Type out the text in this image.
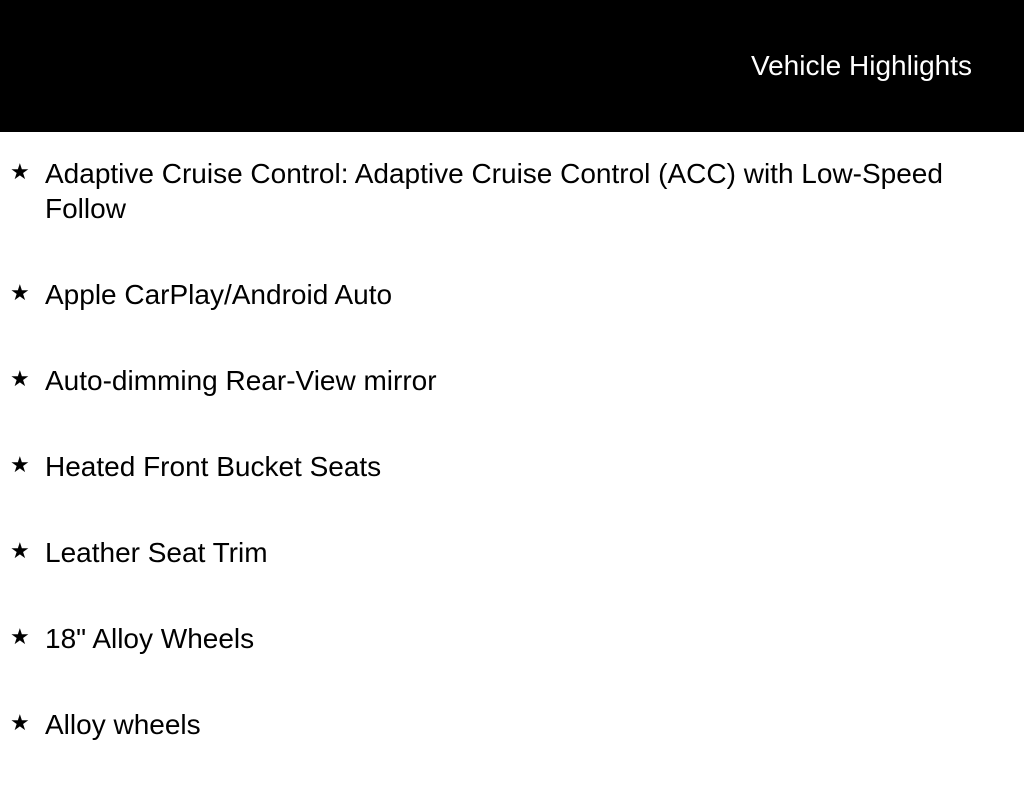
Vehicle Highlights
★ Adaptive Cruise Control: Adaptive Cruise Control (ACC) with Low-Speed Follow
★ Apple CarPlay/Android Auto
★ Auto-dimming Rear-View mirror
★ Heated Front Bucket Seats
★ Leather Seat Trim
★ 18" Alloy Wheels
★ Alloy wheels
